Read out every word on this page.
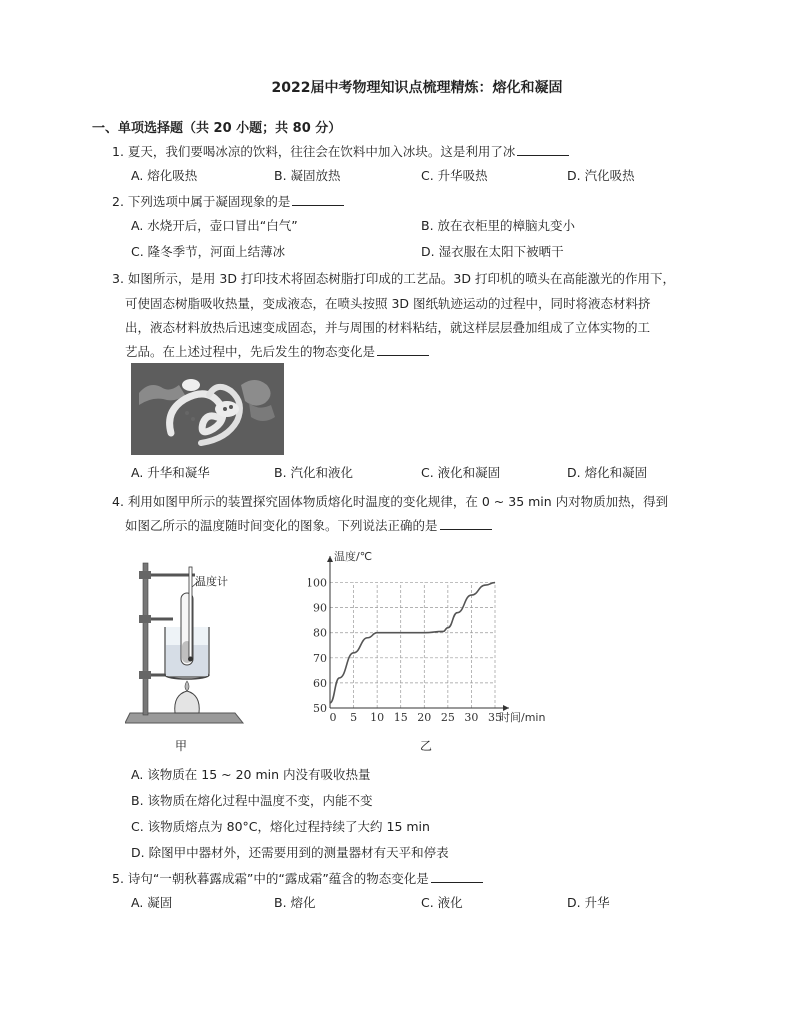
2022届中考物理知识点梳理精炼：熔化和凝固
一、单项选择题（共 20 小题；共 80 分）
1. 夏天，我们要喝冰凉的饮料，往往会在饮料中加入冰块。这是利用了冰
A. 熔化吸热	B. 凝固放热	C. 升华吸热	D. 汽化吸热
2. 下列选项中属于凝固现象的是
A. 水烧开后，壶口冒出“白气”	B. 放在衣柜里的樟脑丸变小
C. 隆冬季节，河面上结薄冰	D. 湿衣服在太阳下被晒干
3. 如图所示，是用 3D 打印技术将固态树脂打印成的工艺品。3D 打印机的喷头在高能激光的作用下，
可使固态树脂吸收热量，变成液态，在喷头按照 3D 图纸轨迹运动的过程中，同时将液态材料挤
出，液态材料放热后迅速变成固态，并与周围的材料粘结，就这样层层叠加组成了立体实物的工
艺品。在上述过程中，先后发生的物态变化是
A. 升华和凝华	B. 汽化和液化	C. 液化和凝固	D. 熔化和凝固
4. 利用如图甲所示的装置探究固体物质熔化时温度的变化规律，在 0 ~ 35 min 内对物质加热，得到
如图乙所示的温度随时间变化的图象。下列说法正确的是
温度计
甲
0 5 10 15 20 25 30 35
50
60
70
80
90
100
温度/℃
时间/min
乙
A. 该物质在 15 ~ 20 min 内没有吸收热量
B. 该物质在熔化过程中温度不变，内能不变
C. 该物质熔点为 80°C，熔化过程持续了大约 15 min
D. 除图甲中器材外，还需要用到的测量器材有天平和停表
5. 诗句“一朝秋暮露成霜”中的“露成霜”蕴含的物态变化是
A. 凝固	B. 熔化	C. 液化	D. 升华
